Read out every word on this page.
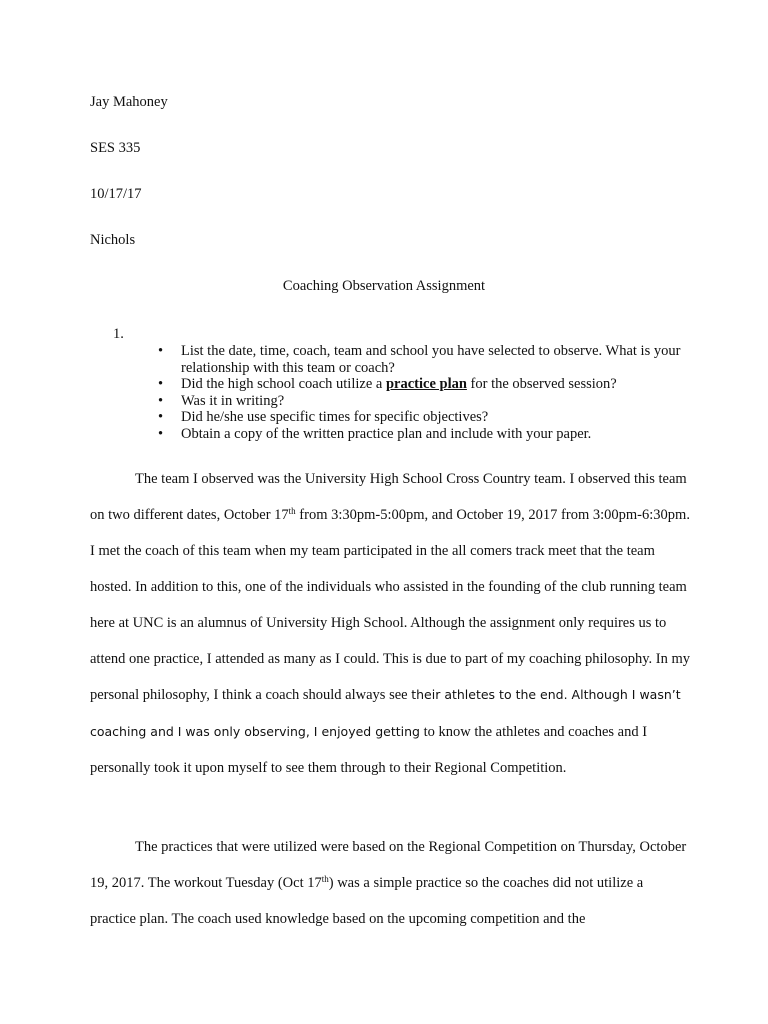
Jay Mahoney
SES 335
10/17/17
Nichols
Coaching Observation Assignment
1.
• List the date, time, coach, team and school you have selected to observe. What is your relationship with this team or coach?
• Did the high school coach utilize a practice plan for the observed session?
• Was it in writing?
• Did he/she use specific times for specific objectives?
• Obtain a copy of the written practice plan and include with your paper.

The team I observed was the University High School Cross Country team. I observed this team on two different dates, October 17th from 3:30pm-5:00pm, and October 19, 2017 from 3:00pm-6:30pm. I met the coach of this team when my team participated in the all comers track meet that the team hosted. In addition to this, one of the individuals who assisted in the founding of the club running team here at UNC is an alumnus of University High School. Although the assignment only requires us to attend one practice, I attended as many as I could. This is due to part of my coaching philosophy. In my personal philosophy, I think a coach should always see their athletes to the end. Although I wasn’t coaching and I was only observing, I enjoyed getting to know the athletes and coaches and I personally took it upon myself to see them through to their Regional Competition.

The practices that were utilized were based on the Regional Competition on Thursday, October 19, 2017. The workout Tuesday (Oct 17th) was a simple practice so the coaches did not utilize a practice plan. The coach used knowledge based on the upcoming competition and the
